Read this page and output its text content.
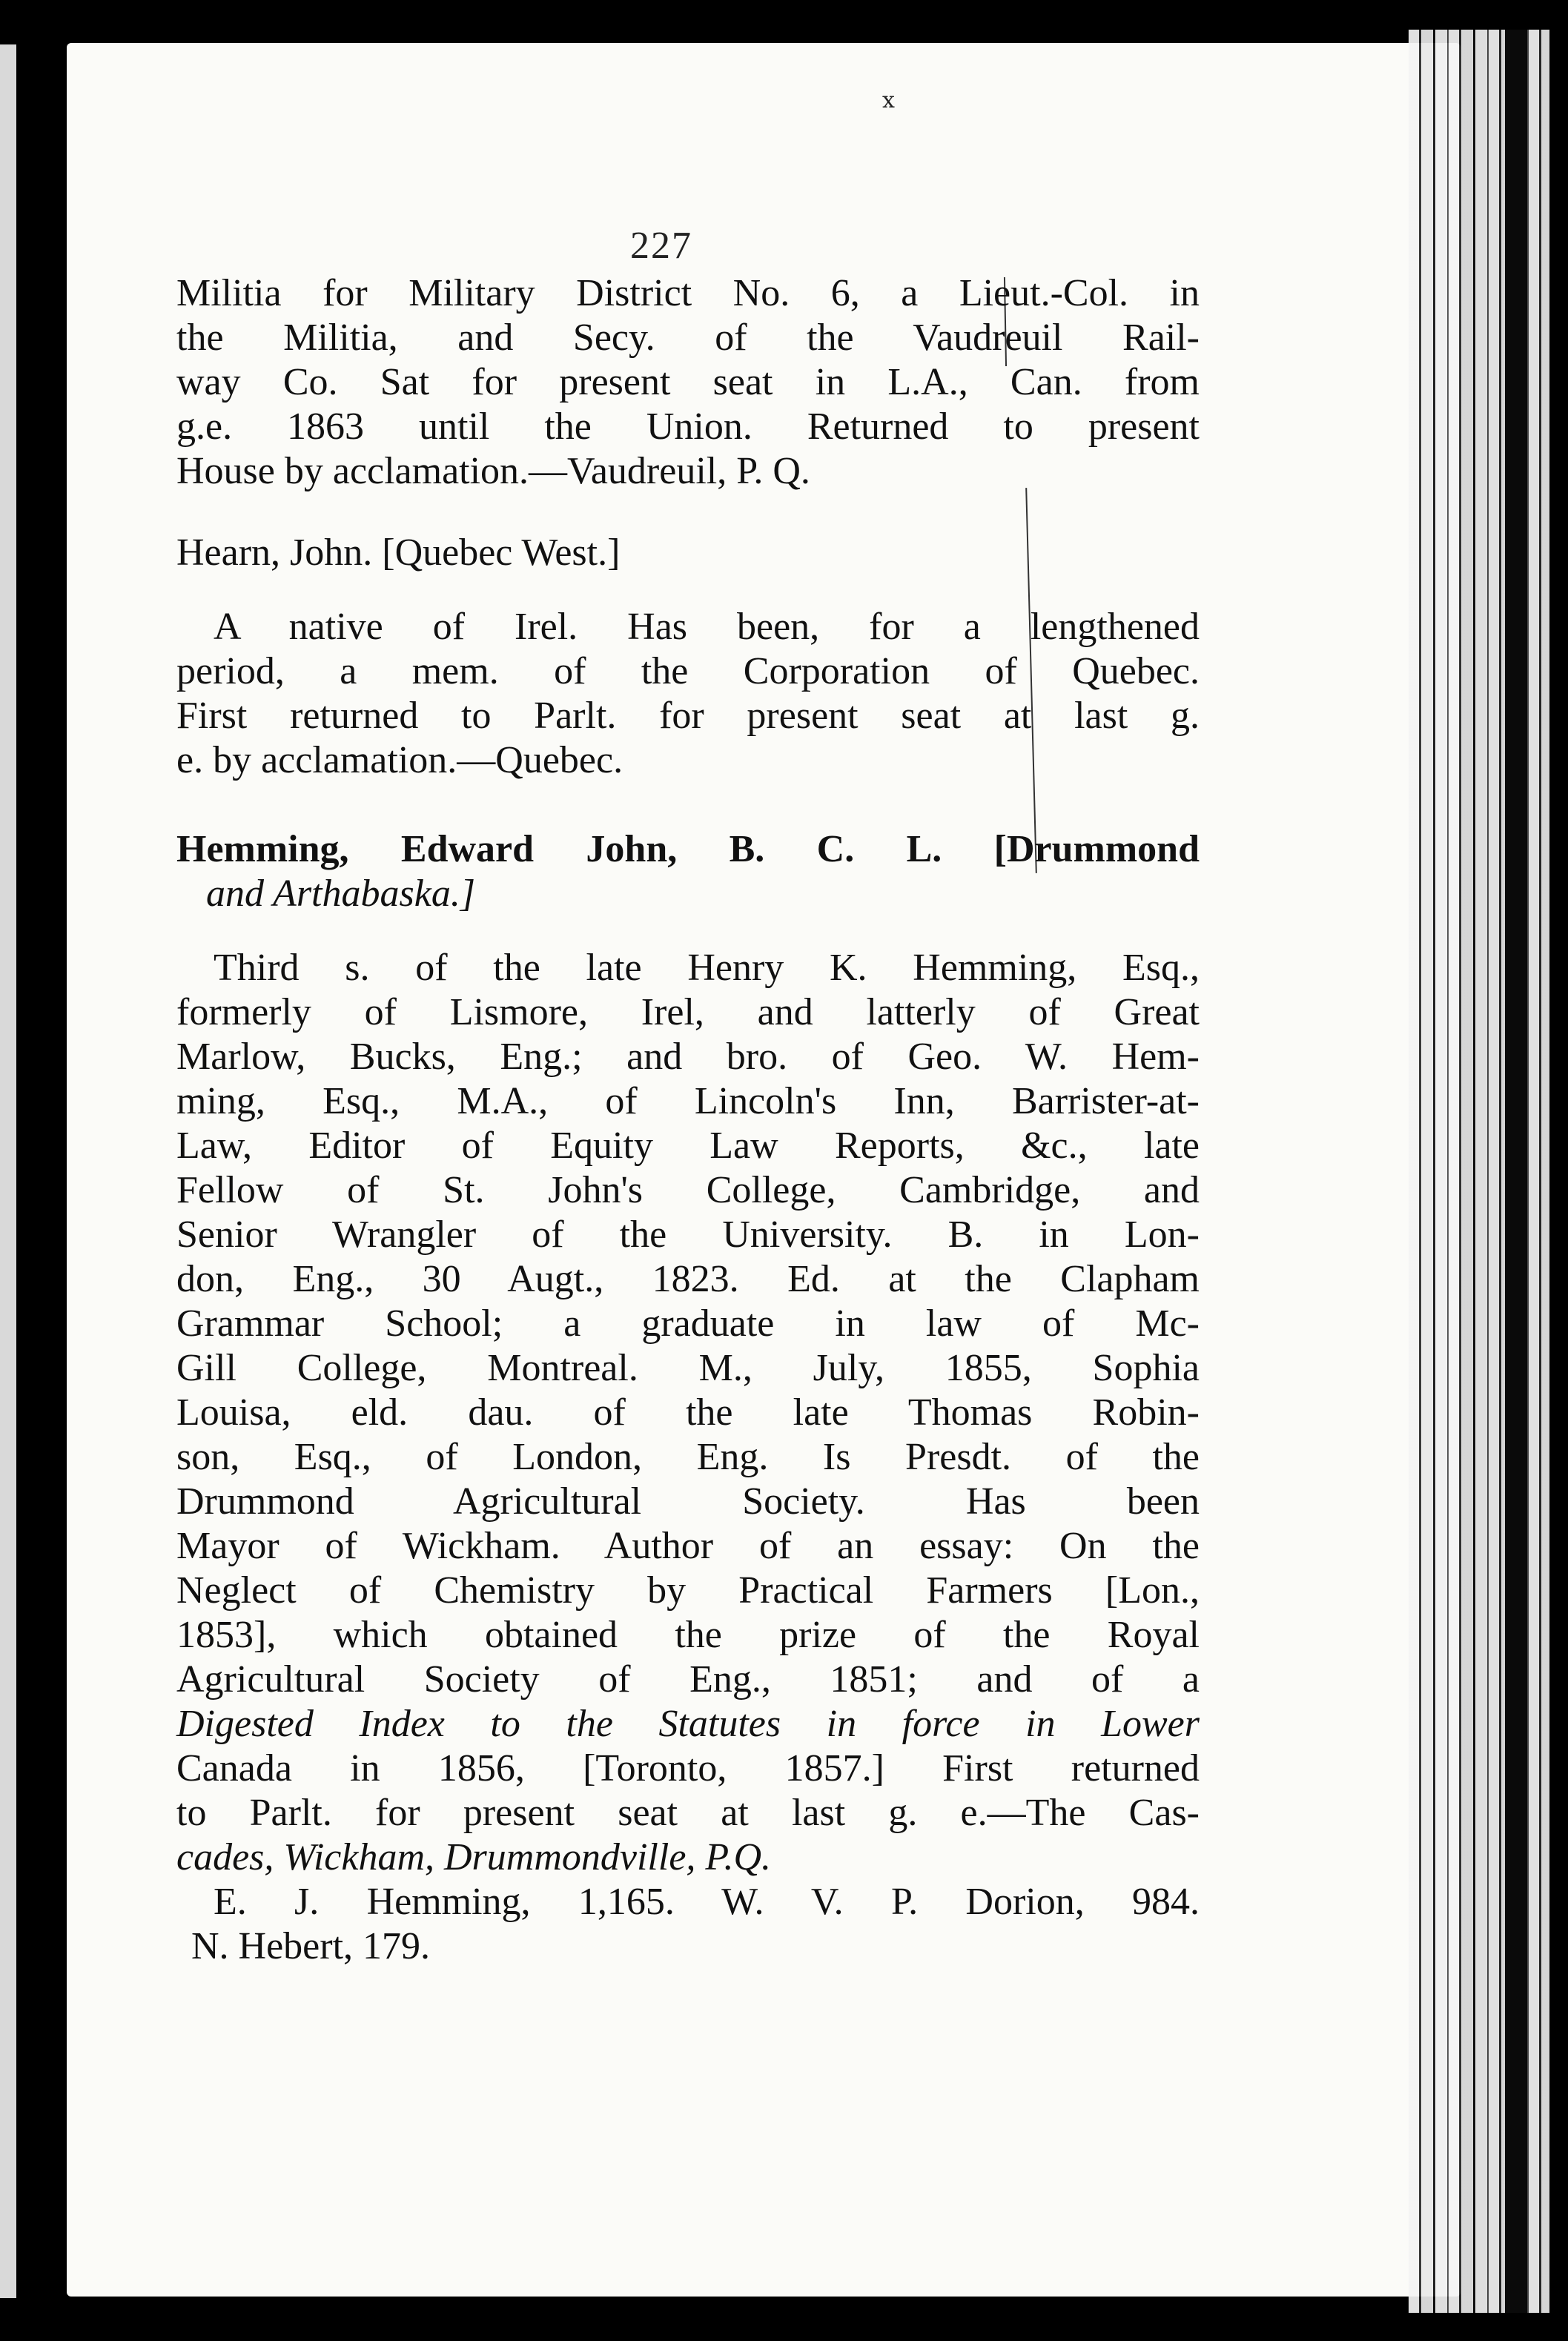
227
ⅹ
Militia for Military District No. 6, a Lieut.-Col. in
the Militia, and Secy. of the Vaudreuil Rail-
way Co. Sat for present seat in L.A., Can. from
g.e. 1863 until the Union. Returned to present
House by acclamation.—Vaudreuil, P. Q.
Hearn, John. [Quebec West.]
A native of Irel. Has been, for a lengthened
period, a mem. of the Corporation of Quebec.
First returned to Parlt. for present seat at last g.
e. by acclamation.—Quebec.
Hemming, Edward John, B. C. L. [Drummond
and Arthabaska.]
Third s. of the late Henry K. Hemming, Esq.,
formerly of Lismore, Irel, and latterly of Great
Marlow, Bucks, Eng.; and bro. of Geo. W. Hem-
ming, Esq., M.A., of Lincoln's Inn, Barrister-at-
Law, Editor of Equity Law Reports, &c., late
Fellow of St. John's College, Cambridge, and
Senior Wrangler of the University. B. in Lon-
don, Eng., 30 Augt., 1823. Ed. at the Clapham
Grammar School; a graduate in law of Mc-
Gill College, Montreal. M., July, 1855, Sophia
Louisa, eld. dau. of the late Thomas Robin-
son, Esq., of London, Eng. Is Presdt. of the
Drummond Agricultural Society. Has been
Mayor of Wickham. Author of an essay: On the
Neglect of Chemistry by Practical Farmers [Lon.,
1853], which obtained the prize of the Royal
Agricultural Society of Eng., 1851; and of a
Digested Index to the Statutes in force in Lower
Canada in 1856, [Toronto, 1857.] First returned
to Parlt. for present seat at last g. e.—The Cas-
cades, Wickham, Drummondville, P.Q.
E. J. Hemming, 1,165. W. V. P. Dorion, 984.
N. Hebert, 179.
